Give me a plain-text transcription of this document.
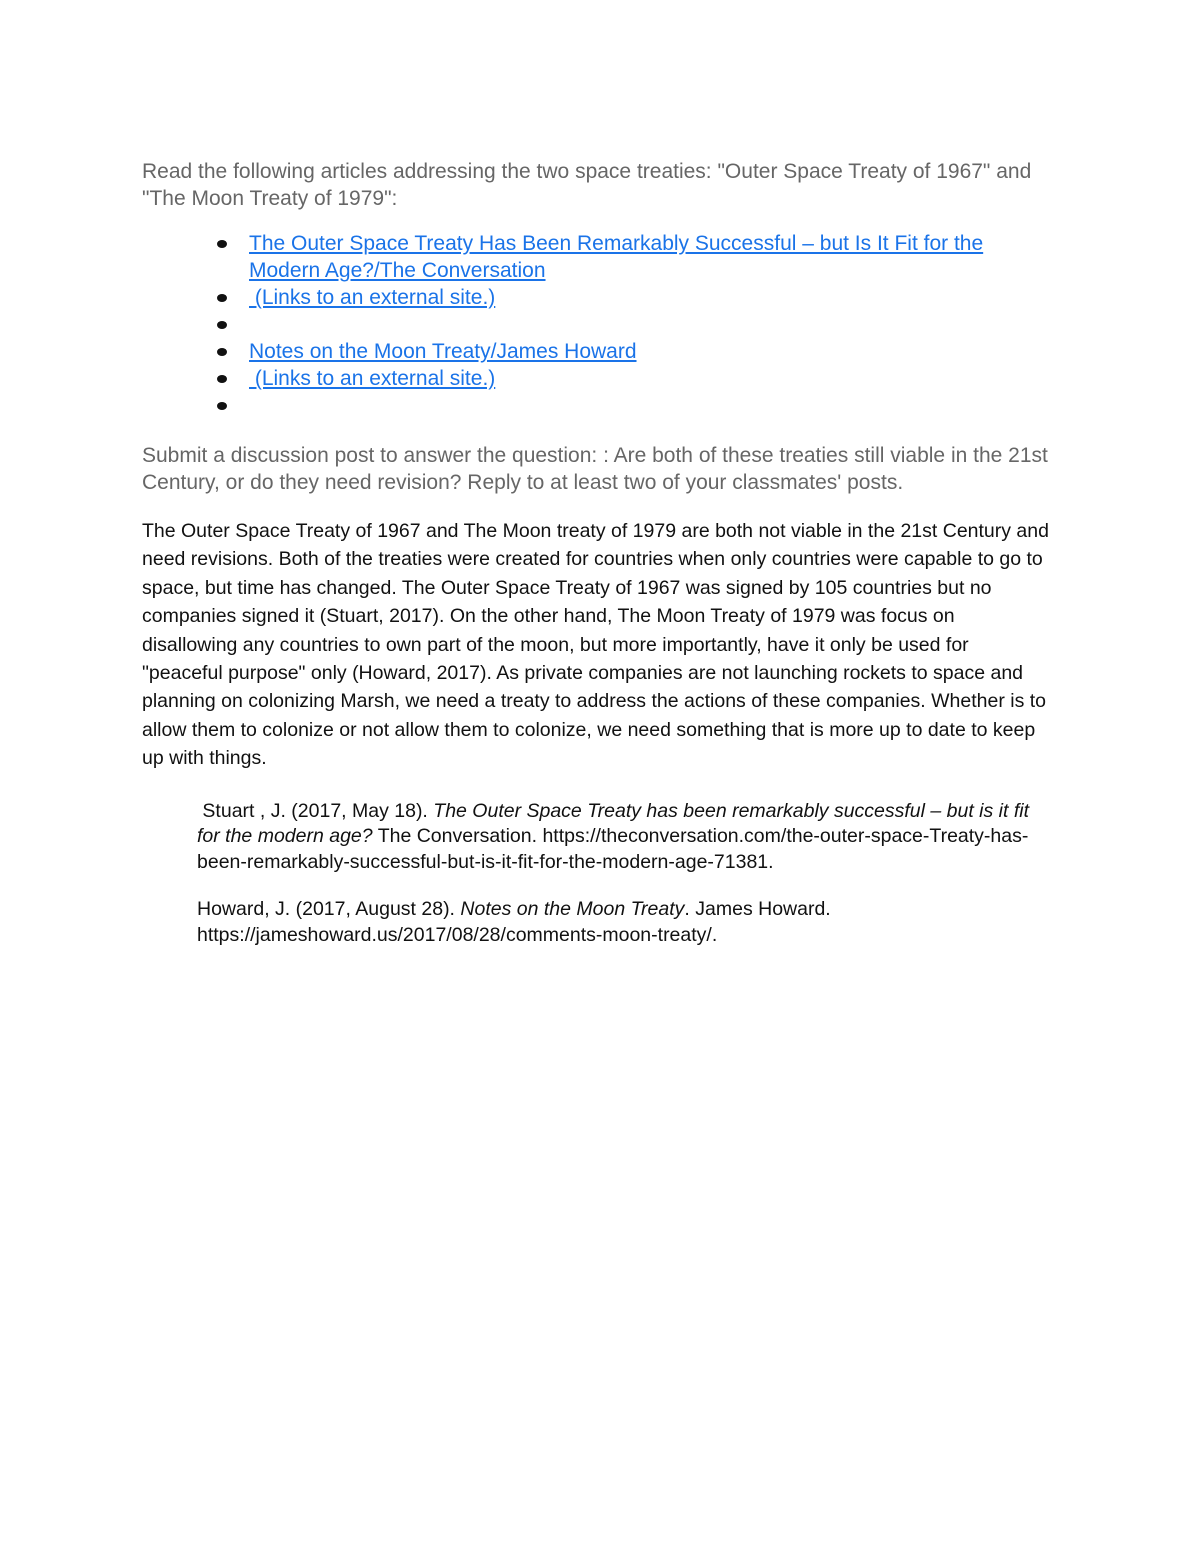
Read the following articles addressing the two space treaties: "Outer Space Treaty of 1967" and "The Moon Treaty of 1979":

The Outer Space Treaty Has Been Remarkably Successful – but Is It Fit for the Modern Age?/The Conversation
(Links to an external site.)
Notes on the Moon Treaty/James Howard
(Links to an external site.)

Submit a discussion post to answer the question: : Are both of these treaties still viable in the 21st Century, or do they need revision? Reply to at least two of your classmates' posts.

The Outer Space Treaty of 1967 and The Moon treaty of 1979 are both not viable in the 21st Century and need revisions. Both of the treaties were created for countries when only countries were capable to go to space, but time has changed. The Outer Space Treaty of 1967 was signed by 105 countries but no companies signed it (Stuart, 2017). On the other hand, The Moon Treaty of 1979 was focus on disallowing any countries to own part of the moon, but more importantly, have it only be used for "peaceful purpose" only (Howard, 2017). As private companies are not launching rockets to space and planning on colonizing Marsh, we need a treaty to address the actions of these companies. Whether is to allow them to colonize or not allow them to colonize, we need something that is more up to date to keep up with things.

Stuart , J. (2017, May 18). The Outer Space Treaty has been remarkably successful – but is it fit for the modern age? The Conversation. https://theconversation.com/the-outer-space-Treaty-has-been-remarkably-successful-but-is-it-fit-for-the-modern-age-71381.

Howard, J. (2017, August 28). Notes on the Moon Treaty. James Howard. https://jameshoward.us/2017/08/28/comments-moon-treaty/.
